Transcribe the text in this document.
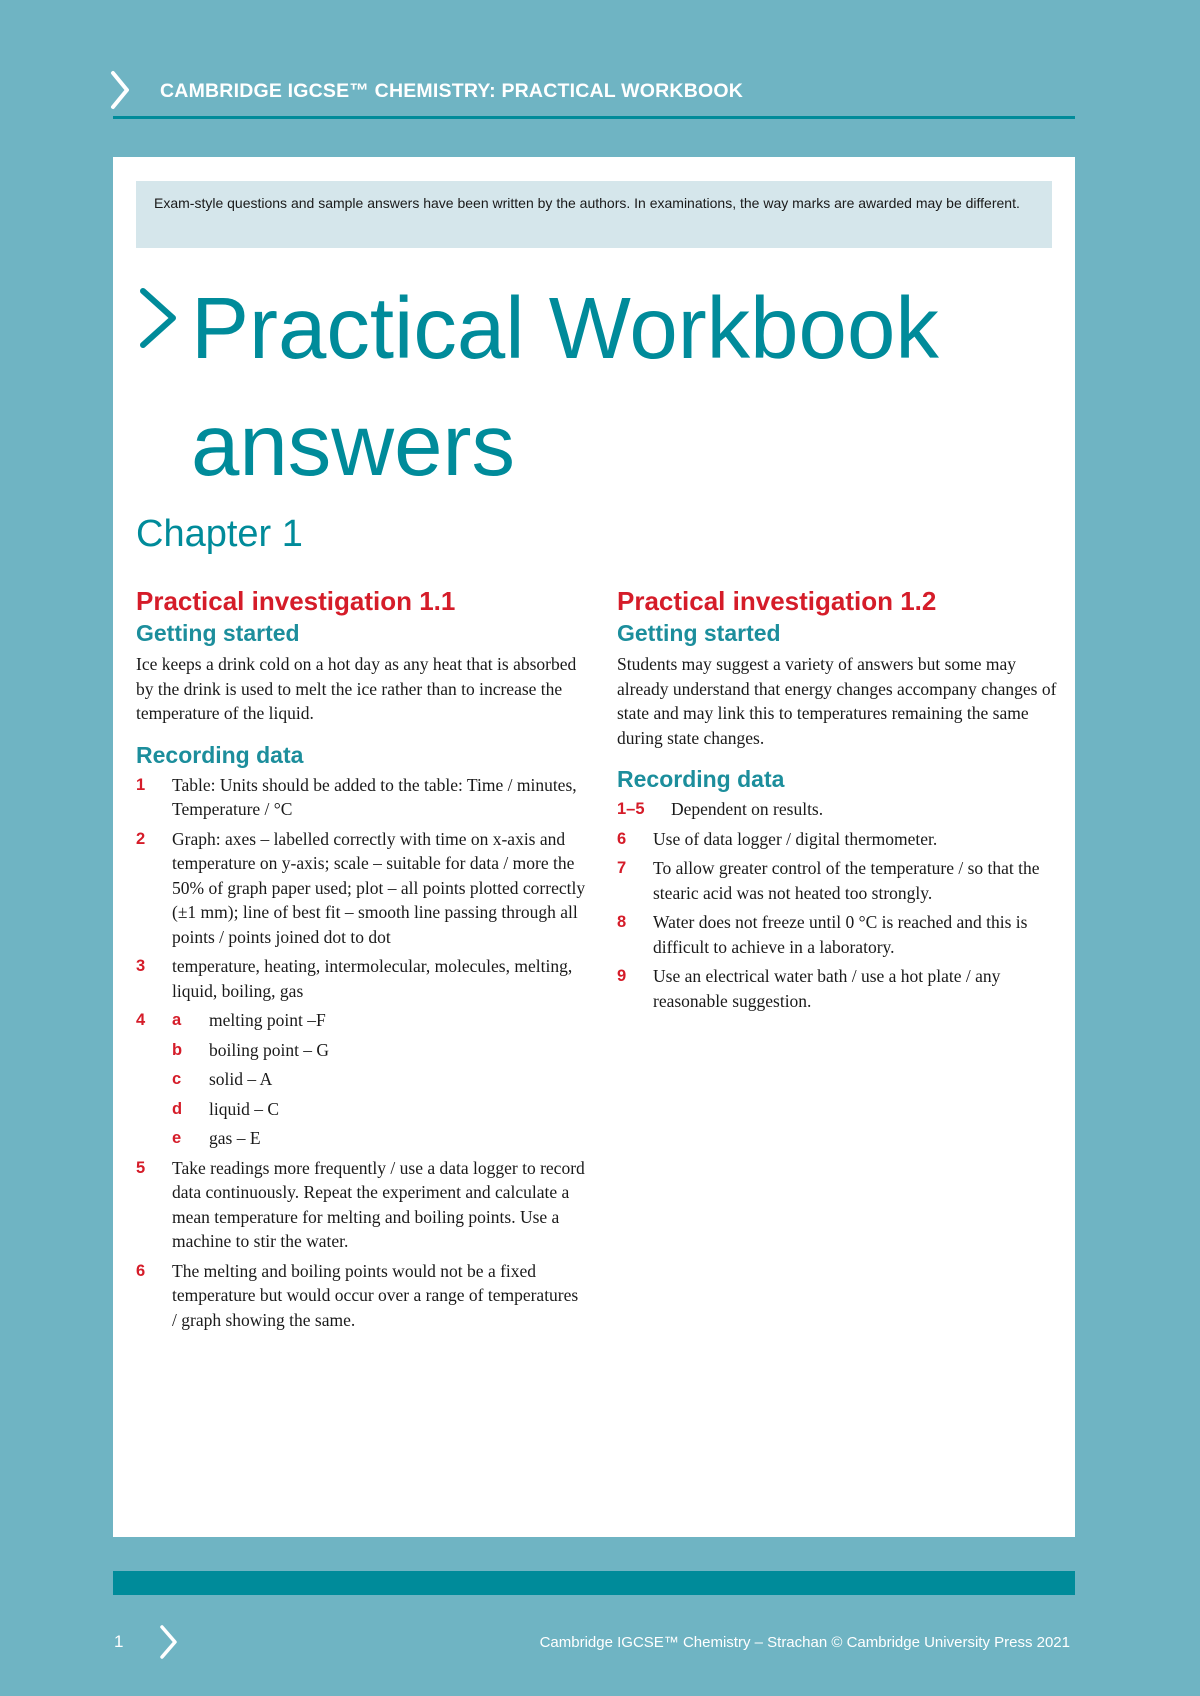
CAMBRIDGE IGCSE™ CHEMISTRY: PRACTICAL WORKBOOK
Exam-style questions and sample answers have been written by the authors. In examinations, the way marks are awarded may be different.
Practical Workbook
answers
Chapter 1
Practical investigation 1.1
Getting started

Ice keeps a drink cold on a hot day as any heat that is absorbed by the drink is used to melt the ice rather than to increase the temperature of the liquid.

Recording data
1	Table: Units should be added to the table: Time / minutes, Temperature / °C
2	Graph: axes – labelled correctly with time on x-axis and temperature on y-axis; scale – suitable for data / more the 50% of graph paper used; plot – all points plotted correctly (±1 mm); line of best fit – smooth line passing through all points / points joined dot to dot
3	temperature, heating, intermolecular, molecules, melting, liquid, boiling, gas
4	a	melting point –F
b	boiling point – G
c	solid – A
d	liquid – C
e	gas – E
5	Take readings more frequently / use a data logger to record data continuously. Repeat the experiment and calculate a mean temperature for melting and boiling points. Use a machine to stir the water.
6	The melting and boiling points would not be a fixed temperature but would occur over a range of temperatures / graph showing the same.
Practical investigation 1.2
Getting started

Students may suggest a variety of answers but some may already understand that energy changes accompany changes of state and may link this to temperatures remaining the same during state changes.

Recording data
1–5	Dependent on results.
6	Use of data logger / digital thermometer.
7	To allow greater control of the temperature / so that the stearic acid was not heated too strongly.
8	Water does not freeze until 0 °C is reached and this is difficult to achieve in a laboratory.
9	Use an electrical water bath / use a hot plate / any reasonable suggestion.
1	Cambridge IGCSE™ Chemistry – Strachan © Cambridge University Press 2021
